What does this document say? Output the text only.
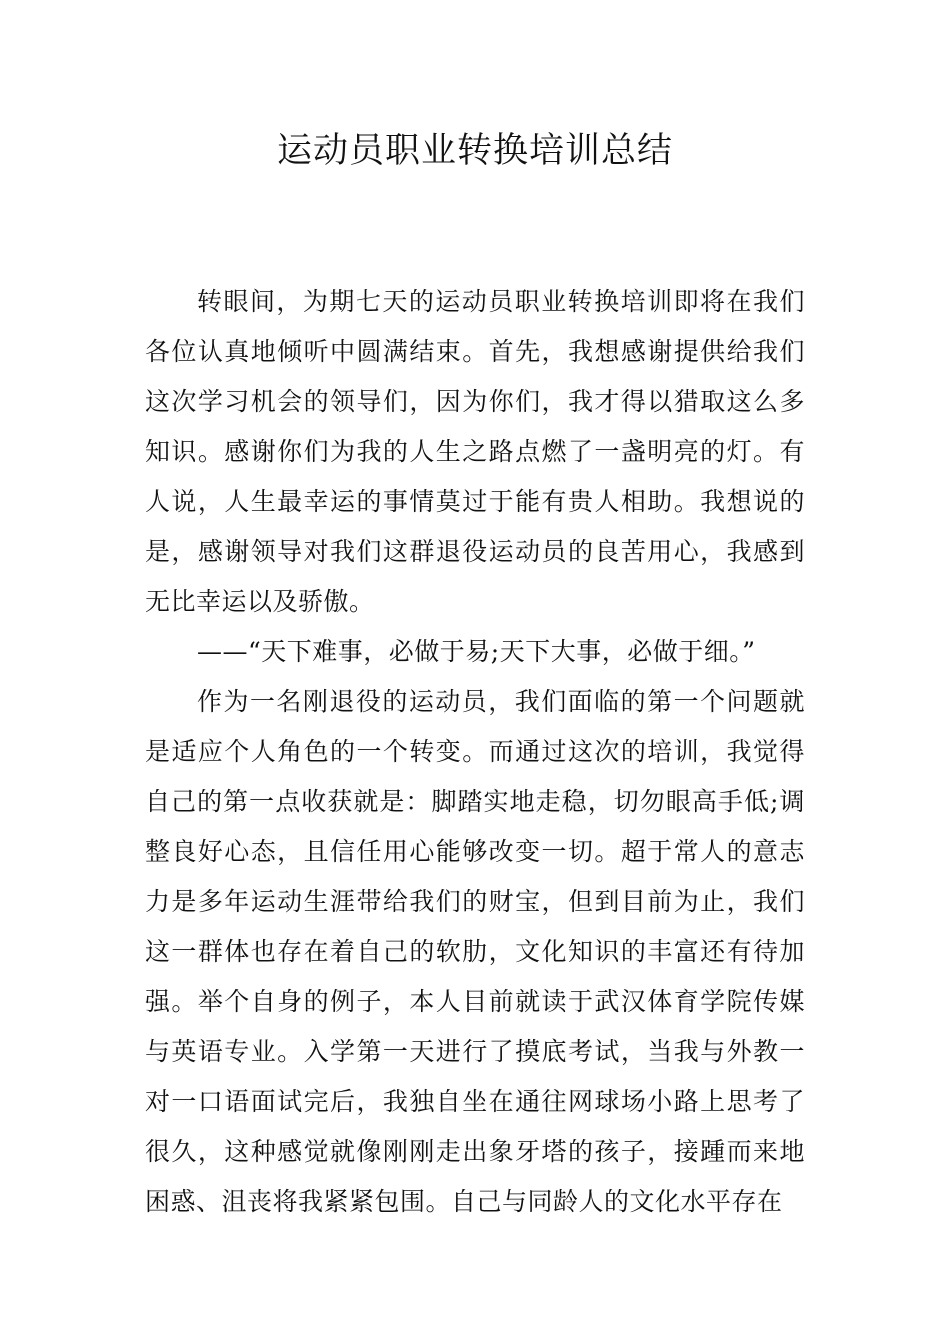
运动员职业转换培训总结

转眼间，为期七天的运动员职业转换培训即将在我们各位认真地倾听中圆满结束。首先，我想感谢提供给我们这次学习机会的领导们，因为你们，我才得以猎取这么多知识。感谢你们为我的人生之路点燃了一盏明亮的灯。有人说，人生最幸运的事情莫过于能有贵人相助。我想说的是，感谢领导对我们这群退役运动员的良苦用心，我感到无比幸运以及骄傲。

——“天下难事，必做于易;天下大事，必做于细。”

作为一名刚退役的运动员，我们面临的第一个问题就是适应个人角色的一个转变。而通过这次的培训，我觉得自己的第一点收获就是：脚踏实地走稳，切勿眼高手低;调整良好心态，且信任用心能够改变一切。超于常人的意志力是多年运动生涯带给我们的财宝，但到目前为止，我们这一群体也存在着自己的软肋，文化知识的丰富还有待加强。举个自身的例子，本人目前就读于武汉体育学院传媒与英语专业。入学第一天进行了摸底考试，当我与外教一对一口语面试完后，我独自坐在通往网球场小路上思考了很久，这种感觉就像刚刚走出象牙塔的孩子，接踵而来地困惑、沮丧将我紧紧包围。自己与同龄人的文化水平存在
